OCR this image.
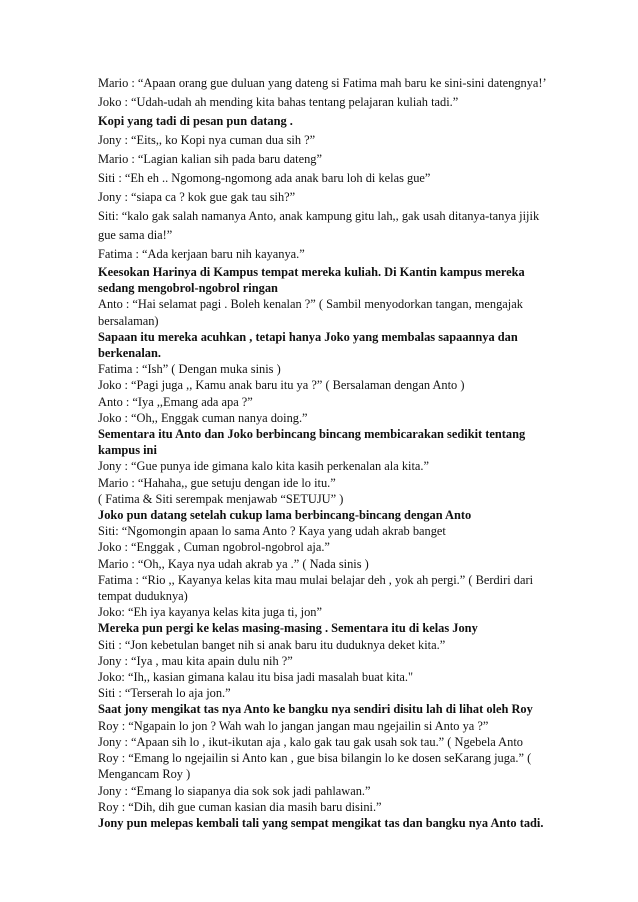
Mario : “Apaan orang gue duluan yang dateng si Fatima mah baru ke sini-sini datengnya!’

Joko : “Udah-udah ah mending kita bahas tentang pelajaran kuliah tadi.”

Kopi yang tadi di pesan pun datang .

Jony : “Eits,, ko Kopi nya cuman dua sih ?”

Mario : “Lagian kalian sih pada baru dateng”

Siti : “Eh eh .. Ngomong-ngomong ada anak baru loh di kelas gue”

Jony : “siapa ca ? kok gue gak tau sih?”

Siti: “kalo gak salah namanya Anto, anak kampung gitu lah,, gak usah ditanya-tanya jijik gue sama dia!”

Fatima : “Ada kerjaan baru nih kayanya.”

Keesokan Harinya di Kampus tempat mereka kuliah. Di Kantin kampus mereka sedang mengobrol-ngobrol ringan

Anto : “Hai selamat pagi . Boleh kenalan ?” ( Sambil menyodorkan tangan, mengajak bersalaman)

Sapaan itu mereka acuhkan , tetapi hanya Joko yang membalas sapaannya dan berkenalan.

Fatima : “Ish” ( Dengan muka sinis )

Joko : “Pagi juga ,, Kamu anak baru itu ya ?” ( Bersalaman dengan Anto )

Anto : “Iya ,,Emang ada apa ?”

Joko : “Oh,, Enggak cuman nanya doing.”

Sementara itu Anto dan Joko berbincang bincang membicarakan sedikit tentang kampus ini

Jony : “Gue punya ide gimana kalo kita kasih perkenalan ala kita.”

Mario : “Hahaha,, gue setuju dengan ide lo itu.”

( Fatima & Siti serempak menjawab “SETUJU” )

Joko pun datang setelah cukup lama berbincang-bincang dengan Anto

Siti: “Ngomongin apaan lo sama Anto ? Kaya yang udah akrab banget

Joko : “Enggak , Cuman ngobrol-ngobrol aja.”

Mario : “Oh,, Kaya nya udah akrab ya .” ( Nada sinis )

Fatima : “Rio ,, Kayanya kelas kita mau mulai belajar deh , yok ah pergi.” ( Berdiri dari tempat duduknya)

Joko: “Eh iya kayanya kelas kita juga ti, jon”

Mereka pun pergi ke kelas masing-masing . Sementara itu di kelas Jony

Siti : “Jon kebetulan banget nih si anak baru itu duduknya deket kita.”

Jony : “Iya , mau kita apain dulu nih ?”

Joko: “Ih,, kasian gimana kalau itu bisa jadi masalah buat kita."

Siti : “Terserah lo aja jon.”

Saat jony mengikat tas nya Anto ke bangku nya sendiri disitu lah di lihat oleh Roy

Roy : “Ngapain lo jon ? Wah wah lo jangan jangan mau ngejailin si Anto ya ?”

Jony : “Apaan sih lo , ikut-ikutan aja , kalo gak tau gak usah sok tau.” ( Ngebela Anto

Roy : “Emang lo ngejailin si Anto kan , gue bisa bilangin lo ke dosen seKarang juga.” ( Mengancam Roy )

Jony : “Emang lo siapanya dia sok sok jadi pahlawan.”

Roy : “Dih, dih gue cuman kasian dia masih baru disini.”

Jony pun melepas kembali tali yang sempat mengikat tas dan bangku nya Anto tadi.
